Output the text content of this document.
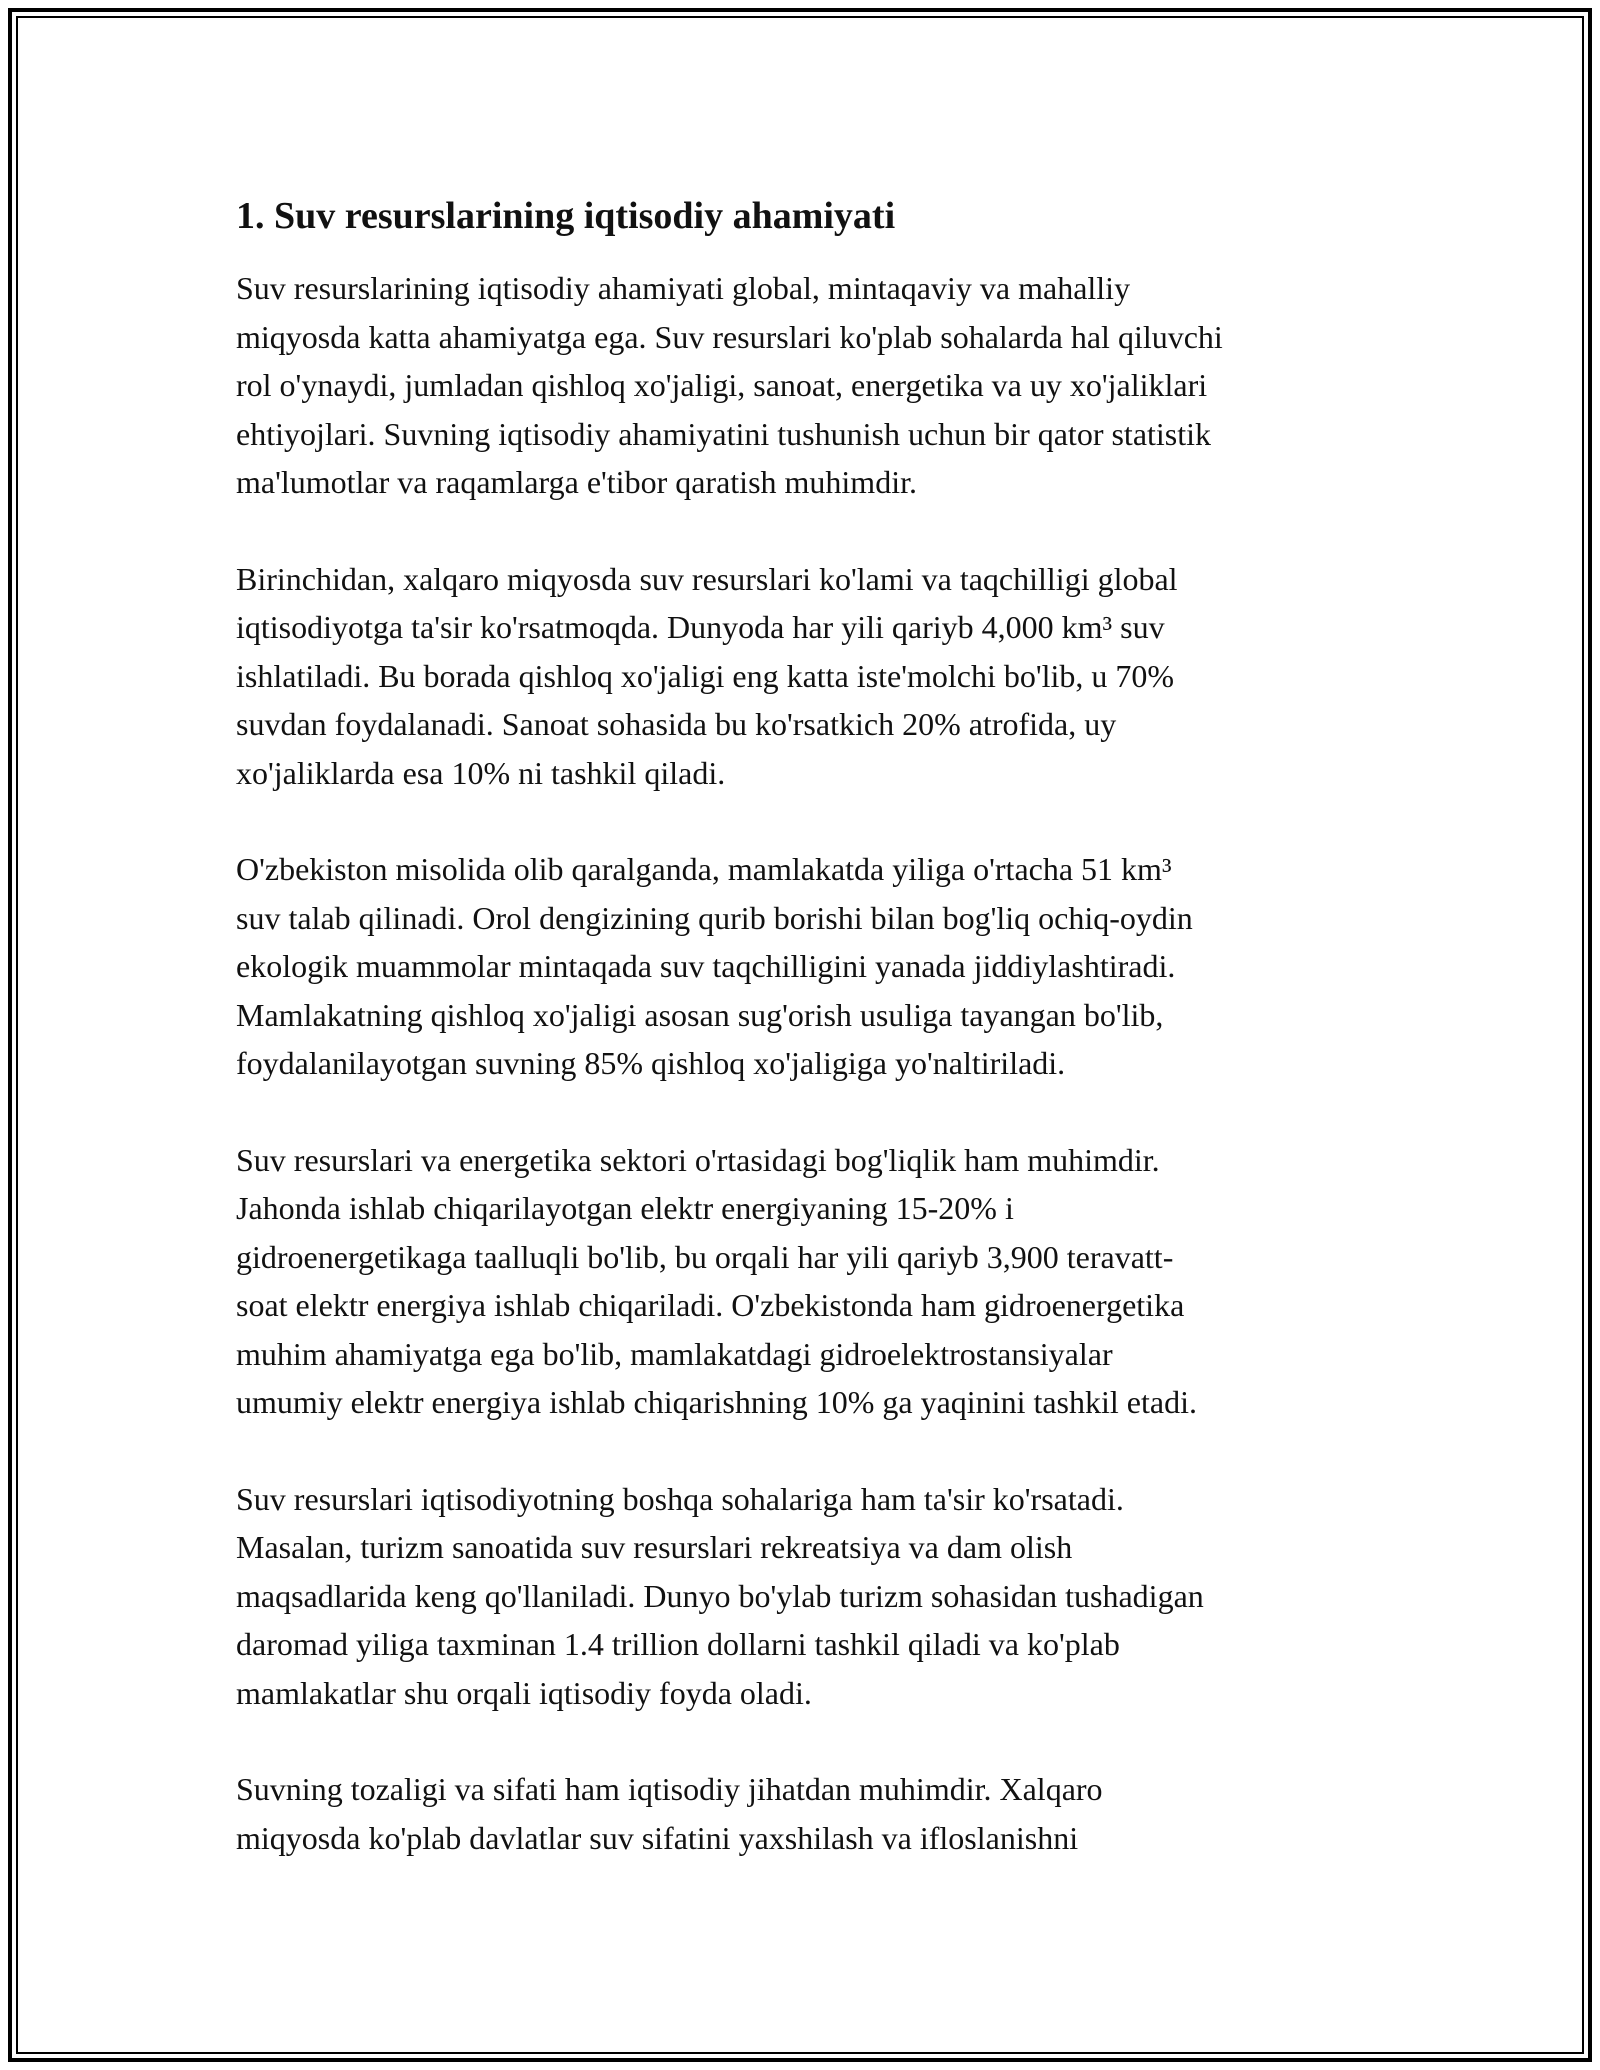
1. Suv resurslarining iqtisodiy ahamiyati

Suv resurslarining iqtisodiy ahamiyati global, mintaqaviy va mahalliy
miqyosda katta ahamiyatga ega. Suv resurslari ko'plab sohalarda hal qiluvchi
rol o'ynaydi, jumladan qishloq xo'jaligi, sanoat, energetika va uy xo'jaliklari
ehtiyojlari. Suvning iqtisodiy ahamiyatini tushunish uchun bir qator statistik
ma'lumotlar va raqamlarga e'tibor qaratish muhimdir.

Birinchidan, xalqaro miqyosda suv resurslari ko'lami va taqchilligi global
iqtisodiyotga ta'sir ko'rsatmoqda. Dunyoda har yili qariyb 4,000 km³ suv
ishlatiladi. Bu borada qishloq xo'jaligi eng katta iste'molchi bo'lib, u 70%
suvdan foydalanadi. Sanoat sohasida bu ko'rsatkich 20% atrofida, uy
xo'jaliklarda esa 10% ni tashkil qiladi.

O'zbekiston misolida olib qaralganda, mamlakatda yiliga o'rtacha 51 km³
suv talab qilinadi. Orol dengizining qurib borishi bilan bog'liq ochiq-oydin
ekologik muammolar mintaqada suv taqchilligini yanada jiddiylashtiradi.
Mamlakatning qishloq xo'jaligi asosan sug'orish usuliga tayangan bo'lib,
foydalanilayotgan suvning 85% qishloq xo'jaligiga yo'naltiriladi.

Suv resurslari va energetika sektori o'rtasidagi bog'liqlik ham muhimdir.
Jahonda ishlab chiqarilayotgan elektr energiyaning 15-20% i
gidroenergetikaga taalluqli bo'lib, bu orqali har yili qariyb 3,900 teravatt-
soat elektr energiya ishlab chiqariladi. O'zbekistonda ham gidroenergetika
muhim ahamiyatga ega bo'lib, mamlakatdagi gidroelektrostansiyalar
umumiy elektr energiya ishlab chiqarishning 10% ga yaqinini tashkil etadi.

Suv resurslari iqtisodiyotning boshqa sohalariga ham ta'sir ko'rsatadi.
Masalan, turizm sanoatida suv resurslari rekreatsiya va dam olish
maqsadlarida keng qo'llaniladi. Dunyo bo'ylab turizm sohasidan tushadigan
daromad yiliga taxminan 1.4 trillion dollarni tashkil qiladi va ko'plab
mamlakatlar shu orqali iqtisodiy foyda oladi.

Suvning tozaligi va sifati ham iqtisodiy jihatdan muhimdir. Xalqaro
miqyosda ko'plab davlatlar suv sifatini yaxshilash va ifloslanishni
